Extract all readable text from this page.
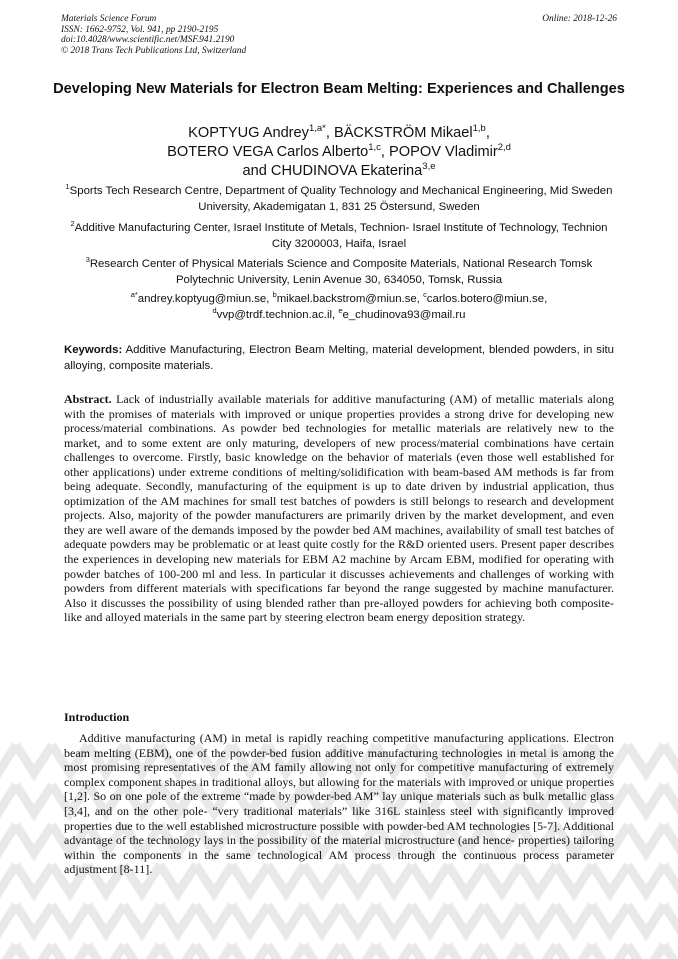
Materials Science Forum
ISSN: 1662-9752, Vol. 941, pp 2190-2195
doi:10.4028/www.scientific.net/MSF.941.2190
© 2018 Trans Tech Publications Ltd, Switzerland
Online: 2018-12-26
Developing New Materials for Electron Beam Melting: Experiences and Challenges
KOPTYUG Andrey$^{1,a*}$, BÄCKSTRÖM Mikael$^{1,b}$,
BOTERO VEGA Carlos Alberto$^{1,c}$, POPOV Vladimir$^{2,d}$
and CHUDINOVA Ekaterina$^{3,e}$
$^1$Sports Tech Research Centre, Department of Quality Technology and Mechanical Engineering, Mid Sweden University, Akademigatan 1, 831 25 Östersund, Sweden
$^2$Additive Manufacturing Center, Israel Institute of Metals, Technion- Israel Institute of Technology, Technion City 3200003, Haifa, Israel
$^3$Research Center of Physical Materials Science and Composite Materials, National Research Tomsk Polytechnic University, Lenin Avenue 30, 634050, Tomsk, Russia
$^{a*}$andrey.koptyug@miun.se, $^b$mikael.backstrom@miun.se, $^c$carlos.botero@miun.se,
$^d$vvp@trdf.technion.ac.il, $^e$e_chudinova93@mail.ru

Keywords: Additive Manufacturing, Electron Beam Melting, material development, blended powders, in situ alloying, composite materials.

Abstract. Lack of industrially available materials for additive manufacturing (AM) of metallic materials along with the promises of materials with improved or unique properties provides a strong drive for developing new process/material combinations. As powder bed technologies for metallic materials are relatively new to the market, and to some extent are only maturing, developers of new process/material combinations have certain challenges to overcome. Firstly, basic knowledge on the behavior of materials (even those well established for other applications) under extreme conditions of melting/solidification with beam-based AM methods is far from being adequate. Secondly, manufacturing of the equipment is up to date driven by industrial application, thus optimization of the AM machines for small test batches of powders is still belongs to research and development projects. Also, majority of the powder manufacturers are primarily driven by the market development, and even they are well aware of the demands imposed by the powder bed AM machines, availability of small test batches of adequate powders may be problematic or at least quite costly for the R&D oriented users. Present paper describes the experiences in developing new materials for EBM A2 machine by Arcam EBM, modified for operating with powder batches of 100-200 ml and less. In particular it discusses achievements and challenges of working with powders from different materials with specifications far beyond the range suggested by machine manufacturer. Also it discusses the possibility of using blended rather than pre-alloyed powders for achieving both composite-like and alloyed materials in the same part by steering electron beam energy deposition strategy.

Introduction

Additive manufacturing (AM) in metal is rapidly reaching competitive manufacturing applications. Electron beam melting (EBM), one of the powder-bed fusion additive manufacturing technologies in metal is among the most promising representatives of the AM family allowing not only for competitive manufacturing of extremely complex component shapes in traditional alloys, but allowing for the materials with improved or unique properties [1,2]. So on one pole of the extreme “made by powder-bed AM” lay unique materials such as bulk metallic glass [3,4], and on the other pole- “very traditional materials” like 316L stainless steel with significantly improved properties due to the well established microstructure possible with powder-bed AM technologies [5-7]. Additional advantage of the technology lays in the possibility of the material microstructure (and hence- properties) tailoring within the components in the same technological AM process through the continuous process parameter adjustment [8-11].
